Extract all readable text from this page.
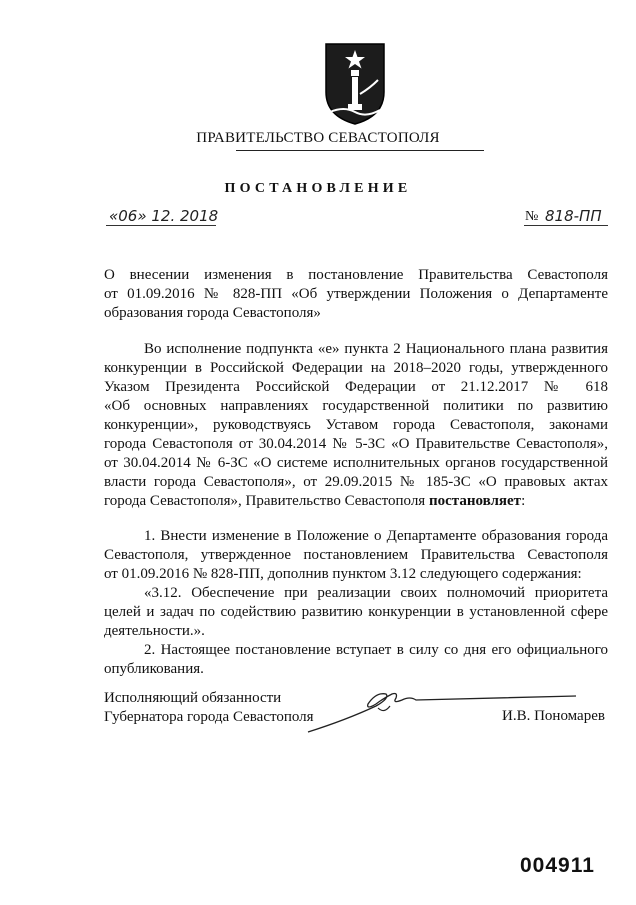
ПРАВИТЕЛЬСТВО СЕВАСТОПОЛЯ
ПОСТАНОВЛЕНИЕ
«06» 12. 2018	№ 818-ПП
О внесении изменения в постановление Правительства Севастополя
от 01.09.2016 № 828-ПП «Об утверждении Положения о Департаменте
образования города Севастополя»
Во исполнение подпункта «е» пункта 2 Национального плана развития
конкуренции в Российской Федерации на 2018–2020 годы, утвержденного
Указом Президента Российской Федерации от 21.12.2017 № 618
«Об основных направлениях государственной политики по развитию
конкуренции», руководствуясь Уставом города Севастополя, законами
города Севастополя от 30.04.2014 № 5-ЗС «О Правительстве Севастополя»,
от 30.04.2014 № 6-ЗС «О системе исполнительных органов государственной
власти города Севастополя», от 29.09.2015 № 185-ЗС «О правовых актах
города Севастополя», Правительство Севастополя постановляет:
1. Внести изменение в Положение о Департаменте образования города
Севастополя, утвержденное постановлением Правительства Севастополя
от 01.09.2016 № 828-ПП, дополнив пунктом 3.12 следующего содержания:
«3.12. Обеспечение при реализации своих полномочий приоритета
целей и задач по содействию развитию конкуренции в установленной сфере
деятельности.».
2. Настоящее постановление вступает в силу со дня его официального
опубликования.
Исполняющий обязанности
Губернатора города Севастополя	И.В. Пономарев
004911
